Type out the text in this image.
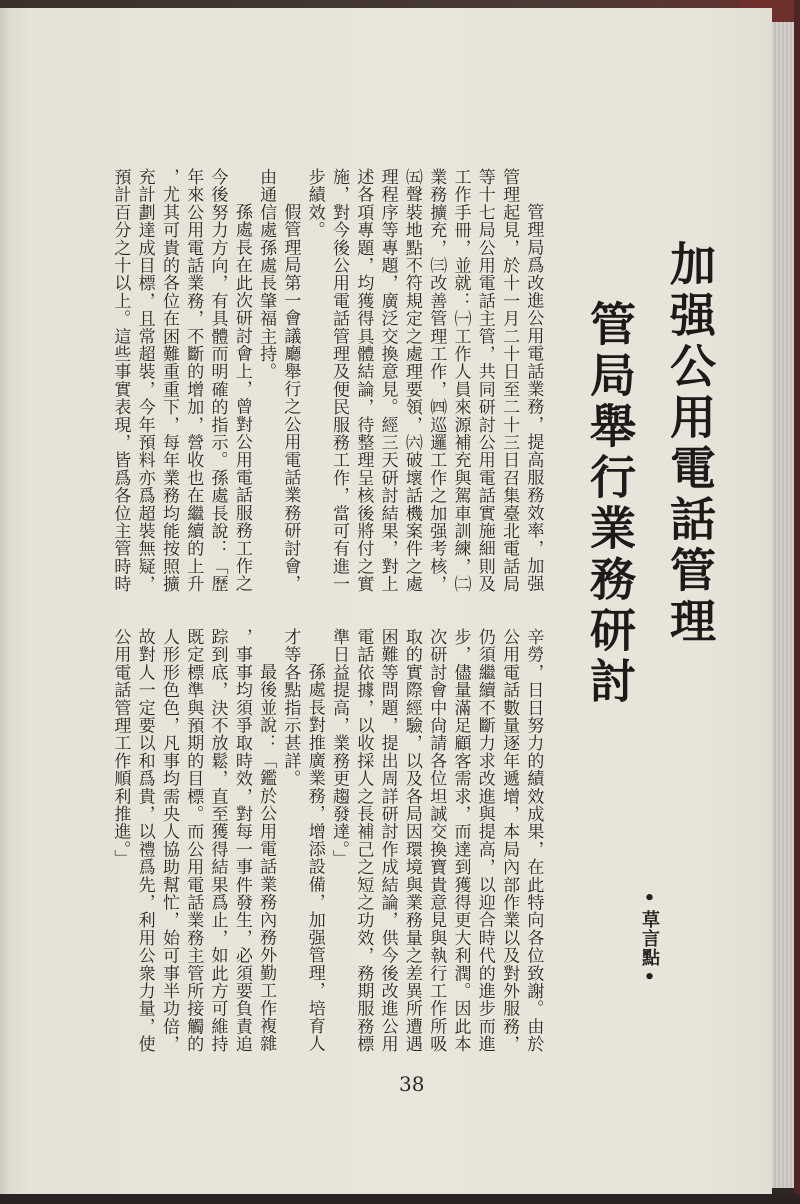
加强公用電話管理
管局舉行業務研討
•草言點•
管理局爲改進公用電話業務，提高服務效率，加强
管理起見，於十一月二十日至二十三日召集臺北電話局
等十七局公用電話主管，共同研討公用電話實施細則及
工作手冊，並就：㈠工作人員來源補充與駕車訓練，㈡
業務擴充，㈢改善管理工作，㈣巡邏工作之加强考核，
㈤聲裝地點不符規定之處理要領，㈥破壞話機案件之處
理程序等專題，廣泛交換意見。經三天研討結果，對上
述各項專題，均獲得具體結論，待整理呈核後將付之實
施，對今後公用電話管理及便民服務工作，當可有進一
步績效。
假管理局第一會議廳舉行之公用電話業務研討會，
由通信處孫處長肇福主持。
孫處長在此次研討會上，曾對公用電話服務工作之
今後努力方向，有具體而明確的指示。孫處長說：「歷
年來公用電話業務，不斷的增加，營收也在繼續的上升
，尤其可貴的各位在困難重重下，每年業務均能按照擴
充計劃達成目標，且常超裝，今年預料亦爲超裝無疑，
預計百分之十以上。這些事實表現，皆爲各位主管時時
辛勞，日日努力的績效成果，在此特向各位致謝。由於
公用電話數量逐年遞增，本局內部作業以及對外服務，
仍須繼續不斷力求改進與提高，以迎合時代的進步而進
步，儘量滿足顧客需求，而達到獲得更大利潤。因此本
次研討會中尙請各位坦誠交換寶貴意見與執行工作所吸
取的實際經驗，以及各局因環境與業務量之差異所遭遇
困難等問題，提出周詳研討作成結論，供今後改進公用
電話依據，以收採人之長補己之短之功效，務期服務標
準日益提高，業務更趨發達。」
孫處長對推廣業務，增添設備，加强管理，培育人
才等各點指示甚詳。
最後並說：「鑑於公用電話業務內務外勤工作複雜
，事事均須爭取時效，對每一事件發生，必須要負責追
踪到底，決不放鬆，直至獲得結果爲止，如此方可維持
既定標準與預期的目標。而公用電話業務主管所接觸的
人形形色色，凡事均需央人協助幫忙，始可事半功倍，
故對人一定要以和爲貴，以禮爲先，利用公衆力量，使
公用電話管理工作順利推進。」
38
